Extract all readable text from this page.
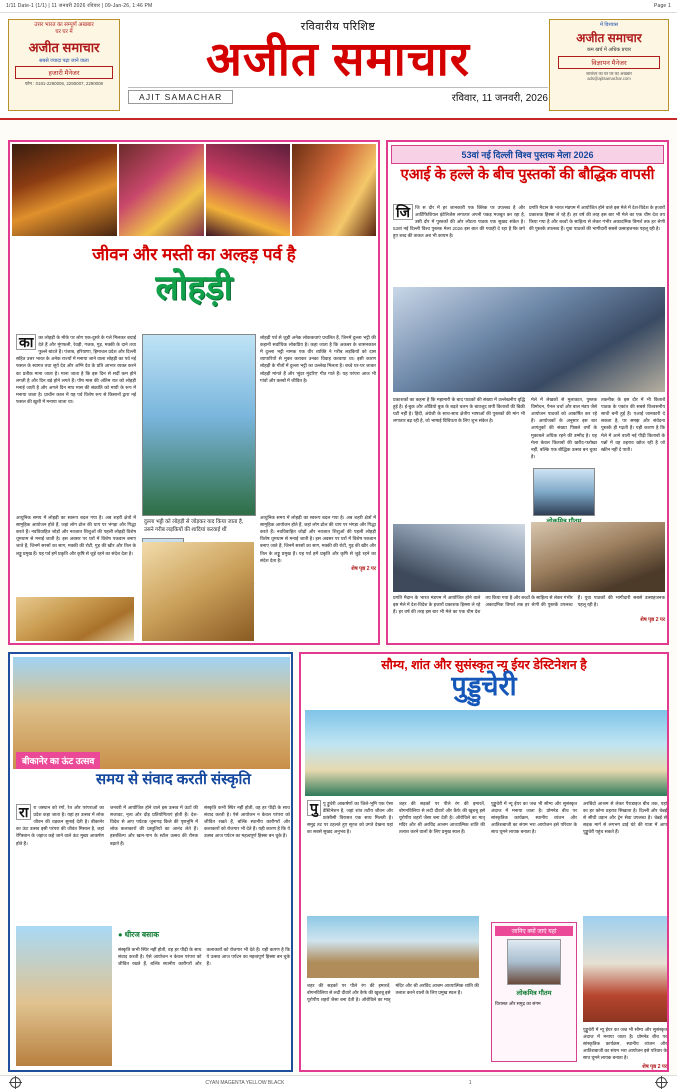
1/11 Date-1 (1/1) | 11 जनवरी 2026 रविवार | 09-Jan-26, 1:46 PM	Page 1
उत्तर भारत का सम्पूर्ण अखबार
घर घर में
अजीत समाचार
सबसे ज्यादा पढ़ा जाने वाला
हजारी मैनेजर
फोन : 0181-2290006, 2290007, 2290008
रविवारीय परिशिष्ट
अजीत समाचार
AJIT SAMACHAR	रविवार, 11 जनवरी, 2026
में विश्वास
अजीत समाचार
कम खर्च में अधिक प्रचार
विज्ञापन मैनेजर
जालंधर का घर घर का अखबार
ads@ajitsamachar.com
जीवन और मस्ती का अल्हड़ पर्व है
लोहड़ी
का	का लोहड़ी के मौके पर लोग एक-दूसरे के गले मिलकर बधाई देते हैं और मूंगफली, रेवड़ी, गजक, गुड़, मक्की के दाने तथा फुल्ले बांटते हैं। पंजाब, हरियाणा, हिमाचल प्रदेश और दिल्ली सहित उत्तर भारत के अनेक राज्यों में मनाया जाने वाला लोहड़ी का पर्व नई फसल के स्वागत तथा सूर्य देव और अग्नि देव के प्रति आभार व्यक्त करने का प्रतीक माना जाता है। माना जाता है कि इस दिन से सर्दी कम होने लगती है और दिन बड़े होने लगते हैं। पौष मास की अंतिम रात को लोहड़ी मनाई जाती है और अगले दिन माघ मास की संक्रांति को माघी के रूप में मनाया जाता है। प्राचीन काल में यह पर्व विशेष रूप से किसानों द्वारा नई फसल की खुशी में मनाया जाता था।
दुल्ला भट्टी को लोहड़ी से जोड़कर याद किया जाता है, उसने गरीब लड़कियों की शादियां करवाई थीं
लोहड़ी पर्व से जुड़ी अनेक लोककथाएं प्रचलित हैं, जिनमें दुल्ला भट्टी की कहानी सर्वाधिक लोकप्रिय है। कहा जाता है कि अकबर के शासनकाल में दुल्ला भट्टी नामक एक वीर व्यक्ति ने गरीब लड़कियों को दास व्यापारियों से मुक्त कराकर उनका विवाह करवाया था। इसी कारण लोहड़ी के गीतों में दुल्ला भट्टी का उल्लेख मिलता है। बच्चे घर-घर जाकर लोहड़ी मांगते हैं और 'सुंदर मुंदरिए' गीत गाते हैं। यह परंपरा आज भी गांवों और कस्बों में जीवित है।
आधुनिक समय में लोहड़ी का स्वरूप बदल गया है। अब शहरी क्षेत्रों में सामूहिक आयोजन होते हैं, जहां लोग ढोल की थाप पर भंगड़ा और गिद्धा करते हैं। नवविवाहित जोड़ों और नवजात शिशुओं की पहली लोहड़ी विशेष धूमधाम से मनाई जाती है। इस अवसर पर घरों में विशेष पकवान बनाए जाते हैं, जिनमें सरसों का साग, मक्की की रोटी, गुड़ की खीर और तिल के लड्डू प्रमुख हैं। यह पर्व हमें प्रकृति और कृषि से जुड़े रहने का संदेश देता है।
आधुनिक समय में लोहड़ी का स्वरूप बदल गया है। अब शहरी क्षेत्रों में सामूहिक आयोजन होते हैं, जहां लोग ढोल की थाप पर भंगड़ा और गिद्धा करते हैं। नवविवाहित जोड़ों और नवजात शिशुओं की पहली लोहड़ी विशेष धूमधाम से मनाई जाती है। इस अवसर पर घरों में विशेष पकवान बनाए जाते हैं, जिनमें सरसों का साग, मक्की की रोटी, गुड़ की खीर और तिल के लड्डू प्रमुख हैं। यह पर्व हमें प्रकृति और कृषि से जुड़े रहने का संदेश देता है।
शेष पृष्ठ 2 पर
53वां नई दिल्ली विश्व पुस्तक मेला 2026
एआई के हल्ले के बीच पुस्तकों की बौद्धिक वापसी
जि	जि स दौर में हर जानकारी एक क्लिक पर उपलब्ध है और आर्टिफिशियल इंटेलिजेंस लगातार अपनी पकड़ मजबूत कर रहा है, उसी दौर में पुस्तकों की ओर लौटता पाठक एक सुखद संकेत है। 53वां नई दिल्ली विश्व पुस्तक मेला 2026 इस बात की गवाही दे रहा है कि छपे हुए शब्द की ताकत अब भी कायम है।
प्रगति मैदान के भारत मंडपम में आयोजित होने वाले इस मेले में देश-विदेश के हजारों प्रकाशक हिस्सा ले रहे हैं। हर वर्ष की तरह इस बार भी मेले का एक थीम देश तय किया गया है और बच्चों के साहित्य से लेकर गंभीर अकादमिक विमर्श तक हर श्रेणी की पुस्तकें उपलब्ध हैं। युवा पाठकों की भागीदारी सबसे उत्साहजनक पहलू रही है।
प्रकाशकों का कहना है कि महामारी के बाद पाठकों की संख्या में उल्लेखनीय वृद्धि हुई है। ई-बुक और ऑडियो बुक के बढ़ते चलन के बावजूद छपी किताबों की बिक्री घटी नहीं है। हिंदी, अंग्रेजी के साथ-साथ क्षेत्रीय भाषाओं की पुस्तकों की मांग भी लगातार बढ़ रही है, जो भाषाई विविधता के लिए शुभ संकेत है।
मेले में लेखकों से मुलाकात, पुस्तक विमोचन, पैनल चर्चा और बाल मंडप जैसे आयोजन पाठकों को आकर्षित कर रहे हैं। आयोजकों के अनुसार इस बार आगंतुकों की संख्या पिछले वर्षों के मुकाबले अधिक रहने की उम्मीद है। यह मेला केवल किताबों की खरीद-फरोख्त नहीं, बल्कि एक बौद्धिक उत्सव बन चुका है।
तकनीक के इस दौर में भी किताबें पाठक के एकांत की सबसे विश्वसनीय साथी बनी हुई हैं। एआई जानकारी दे सकता है, पर समझ और संवेदना पुस्तकें ही गढ़ती हैं। यही कारण है कि मेले में आने वाली नई पीढ़ी किताबों के पन्नों में वह ठहराव खोज रही है जो स्क्रीन नहीं दे पाती।
प्रगति मैदान के भारत मंडपम में आयोजित होने वाले इस मेले में देश-विदेश के हजारों प्रकाशक हिस्सा ले रहे हैं। हर वर्ष की तरह इस बार भी मेले का एक थीम देश तय किया गया है और बच्चों के साहित्य से लेकर गंभीर अकादमिक विमर्श तक हर श्रेणी की पुस्तकें उपलब्ध हैं। युवा पाठकों की भागीदारी सबसे उत्साहजनक पहलू रही है।
शेष पृष्ठ 2 पर
बीकानेर का ऊंट उत्सव
समय से संवाद करती संस्कृति
रा	रा जस्थान को रंगों, रेत और परंपराओं का प्रदेश कहा जाता है। यहां हर उत्सव में लोक जीवन की धड़कन सुनाई देती है। बीकानेर का ऊंट उत्सव इसी परंपरा की जीवंत मिसाल है, जहां रेगिस्तान के जहाज कहे जाने वाले ऊंट मुख्य आकर्षण होते हैं।
जनवरी में आयोजित होने वाले इस उत्सव में ऊंटों की सजावट, नृत्य और दौड़ प्रतियोगिताएं होती हैं। देश-विदेश से आए पर्यटक जूनागढ़ किले की पृष्ठभूमि में लोक कलाकारों की प्रस्तुतियों का आनंद लेते हैं। हस्तशिल्प और खान-पान के स्टॉल उत्सव की रौनक बढ़ाते हैं।
संस्कृति कभी स्थिर नहीं होती, वह हर पीढ़ी के साथ संवाद करती है। ऐसे आयोजन न केवल परंपरा को जीवित रखते हैं, बल्कि स्थानीय कारीगरों और कलाकारों को रोजगार भी देते हैं। यही कारण है कि ये उत्सव आज पर्यटन का महत्वपूर्ण हिस्सा बन चुके हैं।
● धीरज बसाक
संस्कृति कभी स्थिर नहीं होती, वह हर पीढ़ी के साथ संवाद करती है। ऐसे आयोजन न केवल परंपरा को जीवित रखते हैं, बल्कि स्थानीय कारीगरों और कलाकारों को रोजगार भी देते हैं। यही कारण है कि ये उत्सव आज पर्यटन का महत्वपूर्ण हिस्सा बन चुके हैं।
सौम्य, शांत और सुसंस्कृत न्यू ईयर डेस्टिनेशन है
पुड्डुचेरी
पु	पु ड्डुचेरी आकर्षणों का जिले-भूमि एक ऐसा डेस्टिनेशन है, जहां शांत तटीय जीवन और फ्रांसीसी विरासत एक साथ मिलती है। समुद्र तट पर टहलते हुए सूरज को उगते देखना यहां का सबसे सुखद अनुभव है।
शहर की सड़कों पर पीले रंग की इमारतें, बोगनविलिया से लदी दीवारें और कैफे की खुशबू इसे यूरोपीय शहरों जैसा बना देती है। ऑरोविले का मातृ मंदिर और श्री अरविंद आश्रम आध्यात्मिक शांति की तलाश करने वालों के लिए प्रमुख स्थल हैं।
पुड्डुचेरी में न्यू ईयर का जश्न भी सौम्य और सुसंस्कृत अंदाज में मनाया जाता है। प्रोमनेड बीच पर सांस्कृतिक कार्यक्रम, स्थानीय व्यंजन और आतिशबाजी का संयम भरा आयोजन इसे परिवार के साथ घूमने लायक बनाता है।
अरबिंदो आश्रम से लेकर पैराडाइज बीच तक, यहां का हर कोना ठहराव सिखाता है। दिल्ली और चेन्नई से सीधी उड़ान और ट्रेन सेवा उपलब्ध है। चेन्नई से सड़क मार्ग से लगभग ढाई घंटे की यात्रा में आप पुड्डुचेरी पहुंच सकते हैं।
शहर की सड़कों पर पीले रंग की इमारतें, बोगनविलिया से लदी दीवारें और कैफे की खुशबू इसे यूरोपीय शहरों जैसा बना देती है। ऑरोविले का मातृ मंदिर और श्री अरविंद आश्रम आध्यात्मिक शांति की तलाश करने वालों के लिए प्रमुख स्थल हैं।
जानिए क्यों जाएं यहां
लोकमित्र गौतम
विरासत और समुद्र का संगम
पुड्डुचेरी में न्यू ईयर का जश्न भी सौम्य और सुसंस्कृत अंदाज में मनाया जाता है। प्रोमनेड बीच पर सांस्कृतिक कार्यक्रम, स्थानीय व्यंजन और आतिशबाजी का संयम भरा आयोजन इसे परिवार के साथ घूमने लायक बनाता है।
शेष पृष्ठ 2 पर
CYAN MAGENTA YELLOW BLACK	1
